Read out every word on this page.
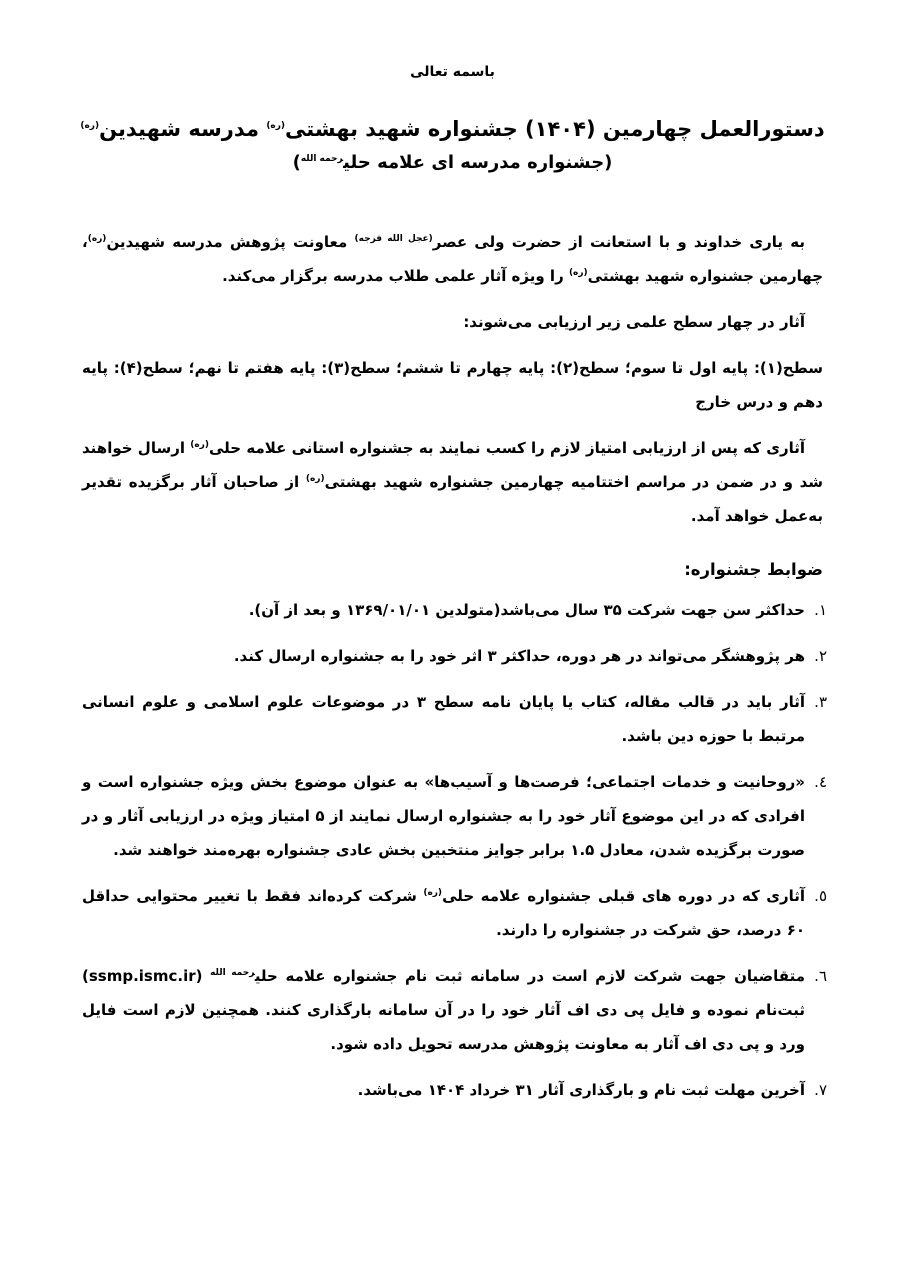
باسمه تعالی
دستورالعمل چهارمین (۱۴۰۴) جشنواره شهید بهشتی$^{(ره)}$ مدرسه شهیدین$^{(ره)}$
(جشنواره مدرسه ای علامه حلی$^{رحمه الله}$)

به یاری خداوند و با استعانت از حضرت ولی عصر$^{(عجل الله فرجه)}$ معاونت پژوهش مدرسه شهیدین$^{(ره)}$، چهارمین جشنواره شهید بهشتی$^{(ره)}$ را ویژه آثار علمی طلاب مدرسه برگزار می‌کند.

آثار در چهار سطح علمی زیر ارزیابی می‌شوند:

سطح(۱): پایه اول تا سوم؛ سطح(۲): پایه چهارم تا ششم؛ سطح(۳): پایه هفتم تا نهم؛ سطح(۴): پایه دهم و درس خارج

آثاری که پس از ارزیابی امتیاز لازم را کسب نمایند به جشنواره استانی علامه حلی$^{(ره)}$ ارسال خواهند شد و در ضمن در مراسم اختتامیه چهارمین جشنواره شهید بهشتی$^{(ره)}$ از صاحبان آثار برگزیده تقدیر به‌عمل خواهد آمد.

ضوابط جشنواره:
۱.
حداکثر سن جهت شرکت ۳۵ سال می‌باشد(متولدین ۱۳۶۹/۰۱/۰۱ و بعد از آن).
۲.
هر پژوهشگر می‌تواند در هر دوره، حداکثر ۳ اثر خود را به جشنواره ارسال کند.
۳.
آثار باید در قالب مقاله، کتاب یا پایان نامه سطح ۳ در موضوعات علوم اسلامی و علوم انسانی مرتبط با حوزه دین باشد.
٤.
«روحانیت و خدمات اجتماعی؛ فرصت‌ها و آسیب‌ها» به عنوان موضوع بخش ویژه جشنواره است و افرادی که در این موضوع آثار خود را به جشنواره ارسال نمایند از ۵ امتیاز ویژه در ارزیابی آثار و در صورت برگزیده شدن، معادل ۱.۵ برابر جوایز منتخبین بخش عادی جشنواره بهره‌مند خواهند شد.
٥.
آثاری که در دوره های قبلی جشنواره علامه حلی$^{(ره)}$ شرکت کرده‌اند فقط با تغییر محتوایی حداقل ۶۰ درصد، حق شرکت در جشنواره را دارند.
٦.
متقاضیان جهت شرکت لازم است در سامانه ثبت نام جشنواره علامه حلی$^{رحمه الله}$ (ssmp.ismc.ir) ثبت‌نام نموده و فایل پی دی اف آثار خود را در آن سامانه بارگذاری کنند. همچنین لازم است فایل ورد و پی دی اف آثار به معاونت پژوهش مدرسه تحویل داده شود.
٧.
آخرین مهلت ثبت نام و بارگذاری آثار ۳۱ خرداد ۱۴۰۴ می‌باشد.
